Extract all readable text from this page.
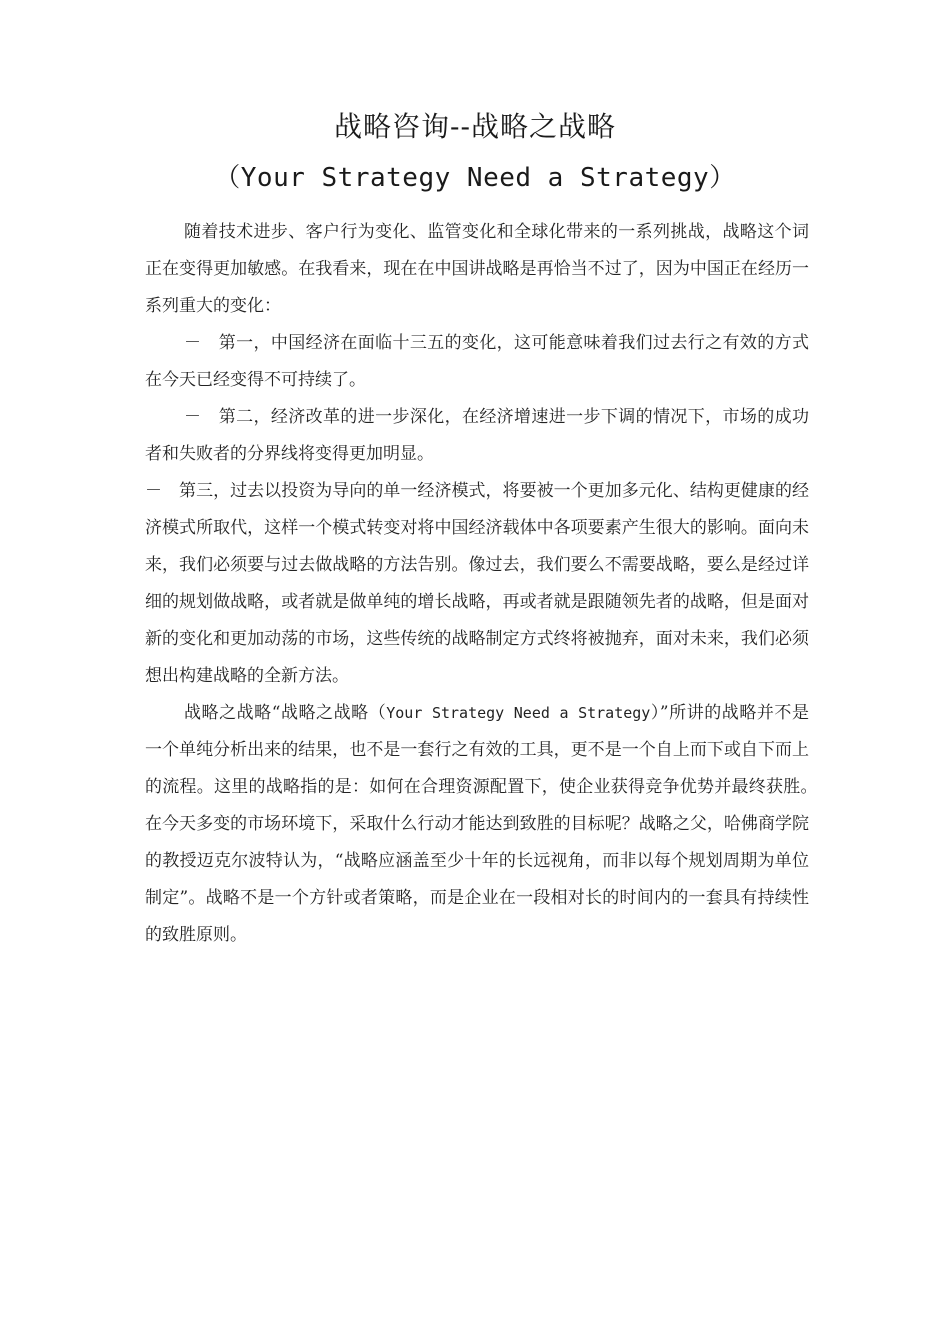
战略咨询--战略之战略
（Your Strategy Need a Strategy）

随着技术进步、客户行为变化、监管变化和全球化带来的一系列挑战，战略这个词正在变得更加敏感。在我看来，现在在中国讲战略是再恰当不过了，因为中国正在经历一系列重大的变化：

－　第一，中国经济在面临十三五的变化，这可能意味着我们过去行之有效的方式在今天已经变得不可持续了。

－　第二，经济改革的进一步深化，在经济增速进一步下调的情况下，市场的成功者和失败者的分界线将变得更加明显。

－　第三，过去以投资为导向的单一经济模式，将要被一个更加多元化、结构更健康的经济模式所取代，这样一个模式转变对将中国经济载体中各项要素产生很大的影响。面向未来，我们必须要与过去做战略的方法告别。像过去，我们要么不需要战略，要么是经过详细的规划做战略，或者就是做单纯的增长战略，再或者就是跟随领先者的战略，但是面对新的变化和更加动荡的市场，这些传统的战略制定方式终将被抛弃，面对未来，我们必须想出构建战略的全新方法。

战略之战略“战略之战略（Your Strategy Need a Strategy）”所讲的战略并不是一个单纯分析出来的结果，也不是一套行之有效的工具，更不是一个自上而下或自下而上的流程。这里的战略指的是：如何在合理资源配置下，使企业获得竞争优势并最终获胜。　在今天多变的市场环境下，采取什么行动才能达到致胜的目标呢？战略之父，哈佛商学院的教授迈克尔波特认为，“战略应涵盖至少十年的长远视角，而非以每个规划周期为单位制定”。战略不是一个方针或者策略，而是企业在一段相对长的时间内的一套具有持续性的致胜原则。
